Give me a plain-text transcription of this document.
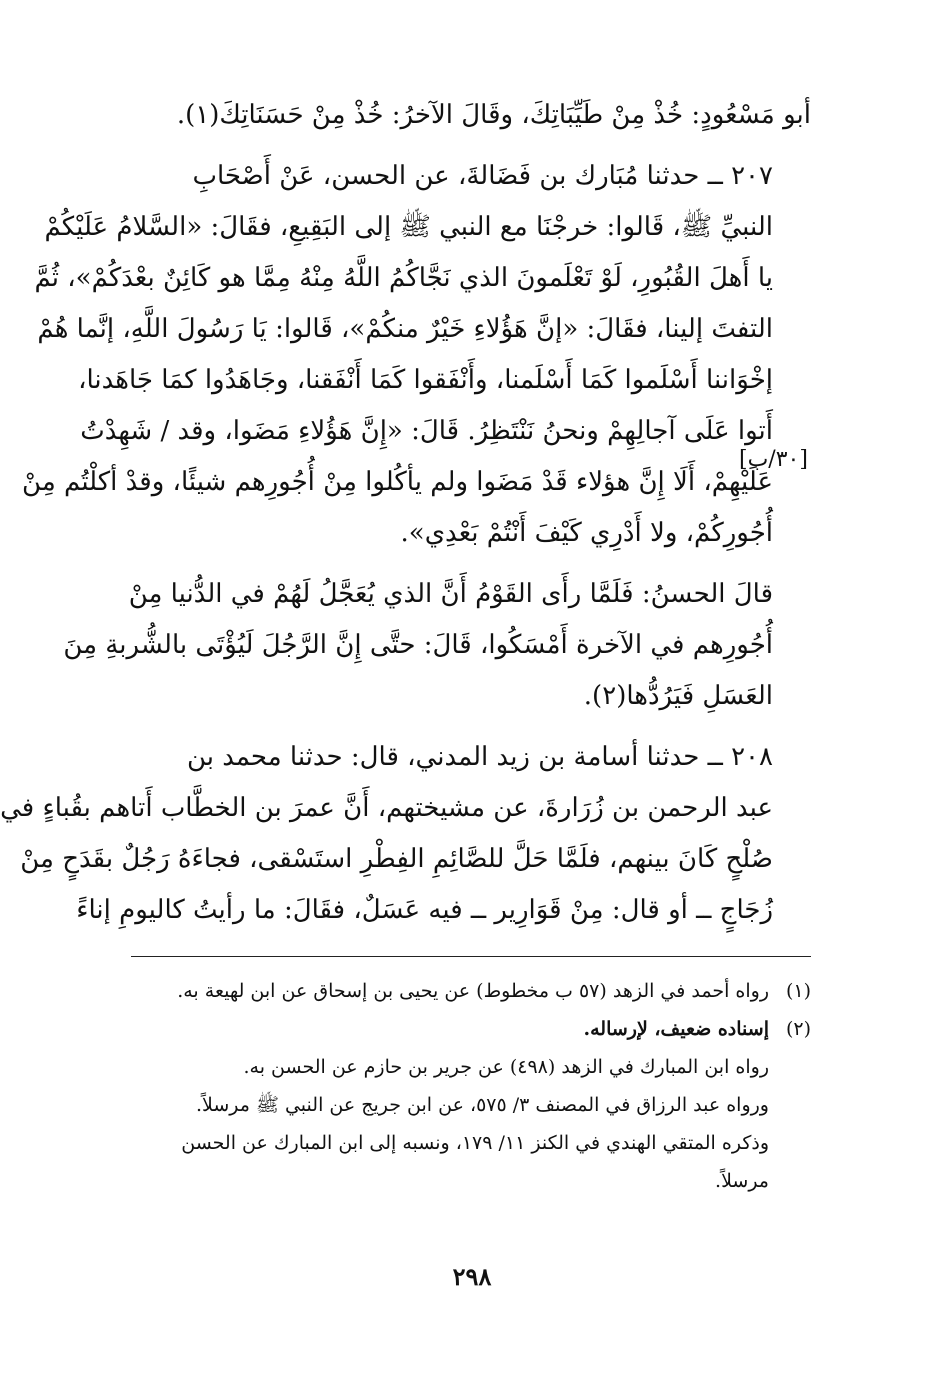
أبو مَسْعُودٍ: خُذْ مِنْ طَيِّبَاتِكَ، وقَالَ الآخرُ: خُذْ مِنْ حَسَنَاتِكَ(١).

٢٠٧ ــ حدثنا مُبَارك بن فَضَالةَ، عن الحسن، عَنْ أَصْحَابِ
النبيِّ ﷺ، قَالوا: خرجْنَا مع النبي ﷺ إلى البَقِيعِ، فقَالَ: «السَّلامُ عَلَيْكُمْ
يا أَهلَ القُبُورِ، لَوْ تَعْلَمونَ الذي نَجَّاكُمُ اللَّهُ مِنْهُ مِمَّا هو كَائِنٌ بعْدَكُمْ»، ثُمَّ
التفتَ إلينا، فقَالَ: «إنَّ هَؤُلاءِ خَيْرٌ منكُمْ»، قَالوا: يَا رَسُولَ اللَّهِ، إنَّما هُمْ
إخْوَاننا أَسْلَموا كَمَا أَسْلَمنا، وأَنْفَقوا كَمَا أَنْفَقنا، وجَاهَدُوا كمَا جَاهَدنا،
أَتوا عَلَى آجالِهِمْ ونحنُ نَنْتَظِرُ. قَالَ: «إِنَّ هَؤُلاءِ مَضَوا، وقد / شَهِدْتُ
عَلَيْهِمْ، أَلَا إِنَّ هؤلاء قَدْ مَضَوا ولم يأكُلوا مِنْ أُجُورِهم شيئًا، وقدْ أكلْتُم مِنْ
أُجُورِكُمْ، ولا أَدْرِي كَيْفَ أَنْتُمْ بَعْدِي».

قالَ الحسنُ: فَلَمَّا رأَى القَوْمُ أَنَّ الذي يُعَجَّلُ لَهُمْ في الدُّنيا مِنْ
أُجُورِهم في الآخرة أَمْسَكُوا، قَالَ: حتَّى إِنَّ الرَّجُلَ لَيُؤْتَى بالشُّربةِ مِنَ
العَسَلِ فَيَرُدُّها(٢).

٢٠٨ ــ حدثنا أسامة بن زيد المدني، قال: حدثنا محمد بن
عبد الرحمن بن زُرَارةَ، عن مشيختهم، أَنَّ عمرَ بن الخطَّاب أَتاهم بقُباءٍ في
صُلْحٍ كَانَ بينهم، فلَمَّا حَلَّ للصَّائِمِ الفِطْرِ استَسْقى، فجاءَهُ رَجُلٌ بقَدَحٍ مِنْ
زُجَاجٍ ــ أو قال: مِنْ قَوَارِير ــ فيه عَسَلٌ، فقَالَ: ما رأيتُ كاليومِ إناءً

[٣٠/ب]
(١)
رواه أحمد في الزهد (٥٧ ب مخطوط) عن يحيى بن إسحاق عن ابن لهيعة به.
(٢)
إسناده ضعيف، لإرساله.
رواه ابن المبارك في الزهد (٤٩٨) عن جرير بن حازم عن الحسن به.
ورواه عبد الرزاق في المصنف ٣/ ٥٧٥، عن ابن جريج عن النبي ﷺ مرسلاً.
وذكره المتقي الهندي في الكنز ١١/ ١٧٩، ونسبه إلى ابن المبارك عن الحسن
مرسلاً.
٢٩٨
